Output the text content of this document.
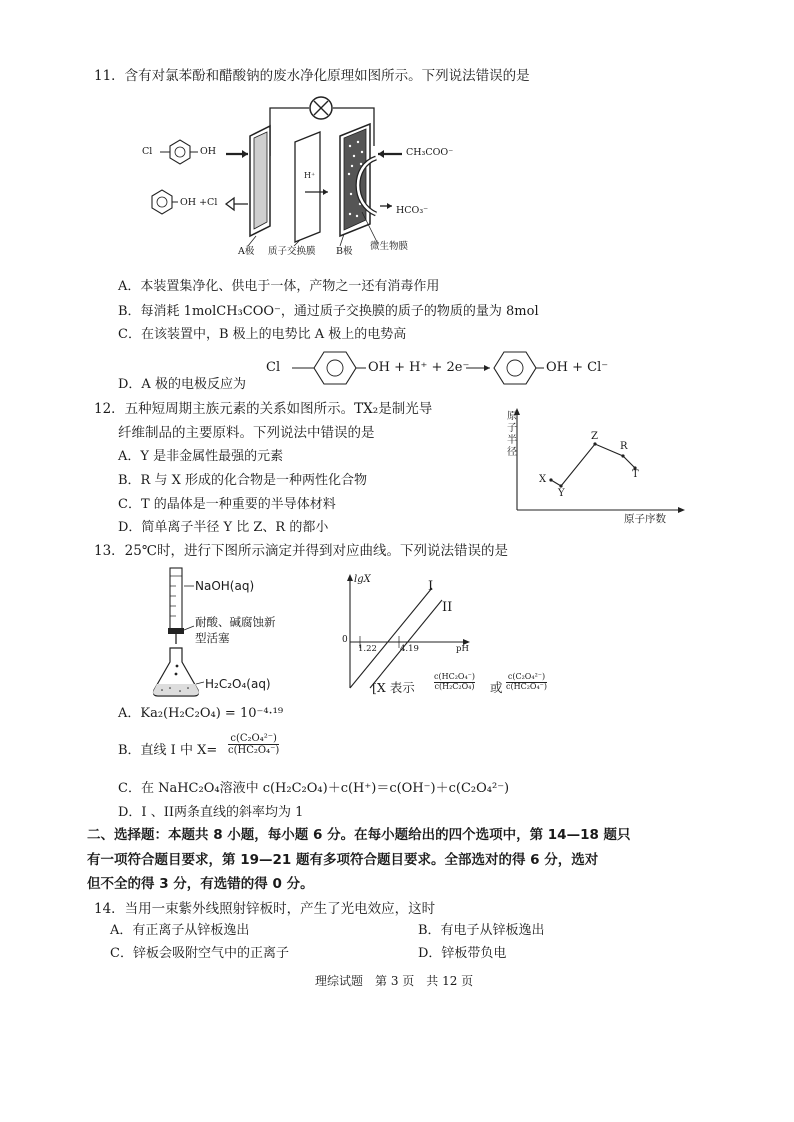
11．含有对氯苯酚和醋酸钠的废水净化原理如图所示。下列说法错误的是
Cl	OH
OH +Cl
H⁺
CH₃COO⁻
HCO₃⁻
A极 质子交换膜 B极 微生物膜
A．本装置集净化、供电于一体，产物之一还有消毒作用
B．每消耗 1molCH₃COO⁻，通过质子交换膜的质子的物质的量为 8mol
C．在该装置中，B 极上的电势比 A 极上的电势高
D．A 极的电极反应为
Cl	OH + H⁺ + 2e⁻	OH + Cl⁻
12．五种短周期主族元素的关系如图所示。TX₂是制光导
纤维制品的主要原料。下列说法中错误的是
A．Y 是非金属性最强的元素
B．R 与 X 形成的化合物是一种两性化合物
C．T 的晶体是一种重要的半导体材料
D．简单离子半径 Y 比 Z、R 的都小
原
子
半
径
X
Y
Z
R
T
原子序数
13．25℃时，进行下图所示滴定并得到对应曲线。下列说法错误的是
NaOH(aq)
耐酸、碱腐蚀新
型活塞
H₂C₂O₄(aq)
lgX
0
pH
1.22	4.19
I
II
[X 表示
c(HC₂O₄⁻)
c(H₂C₂O₄) 或
c(C₂O₄²⁻)
c(HC₂O₄⁻)
A．Ka₂(H₂C₂O₄) = 10⁻⁴·¹⁹
B．直线 I 中 X=
c(C₂O₄²⁻)
c(HC₂O₄⁻)
C．在 NaHC₂O₄溶液中 c(H₂C₂O₄)＋c(H⁺)＝c(OH⁻)＋c(C₂O₄²⁻)
D．I 、II两条直线的斜率均为 1
二、选择题：本题共 8 小题，每小题 6 分。在每小题给出的四个选项中，第 14—18 题只
有一项符合题目要求，第 19—21 题有多项符合题目要求。全部选对的得 6 分，选对
但不全的得 3 分，有选错的得 0 分。
14．当用一束紫外线照射锌板时，产生了光电效应，这时
A．有正离子从锌板逸出	B．有电子从锌板逸出
C．锌板会吸附空气中的正离子	D．锌板带负电
理综试题　第 3 页　共 12 页
